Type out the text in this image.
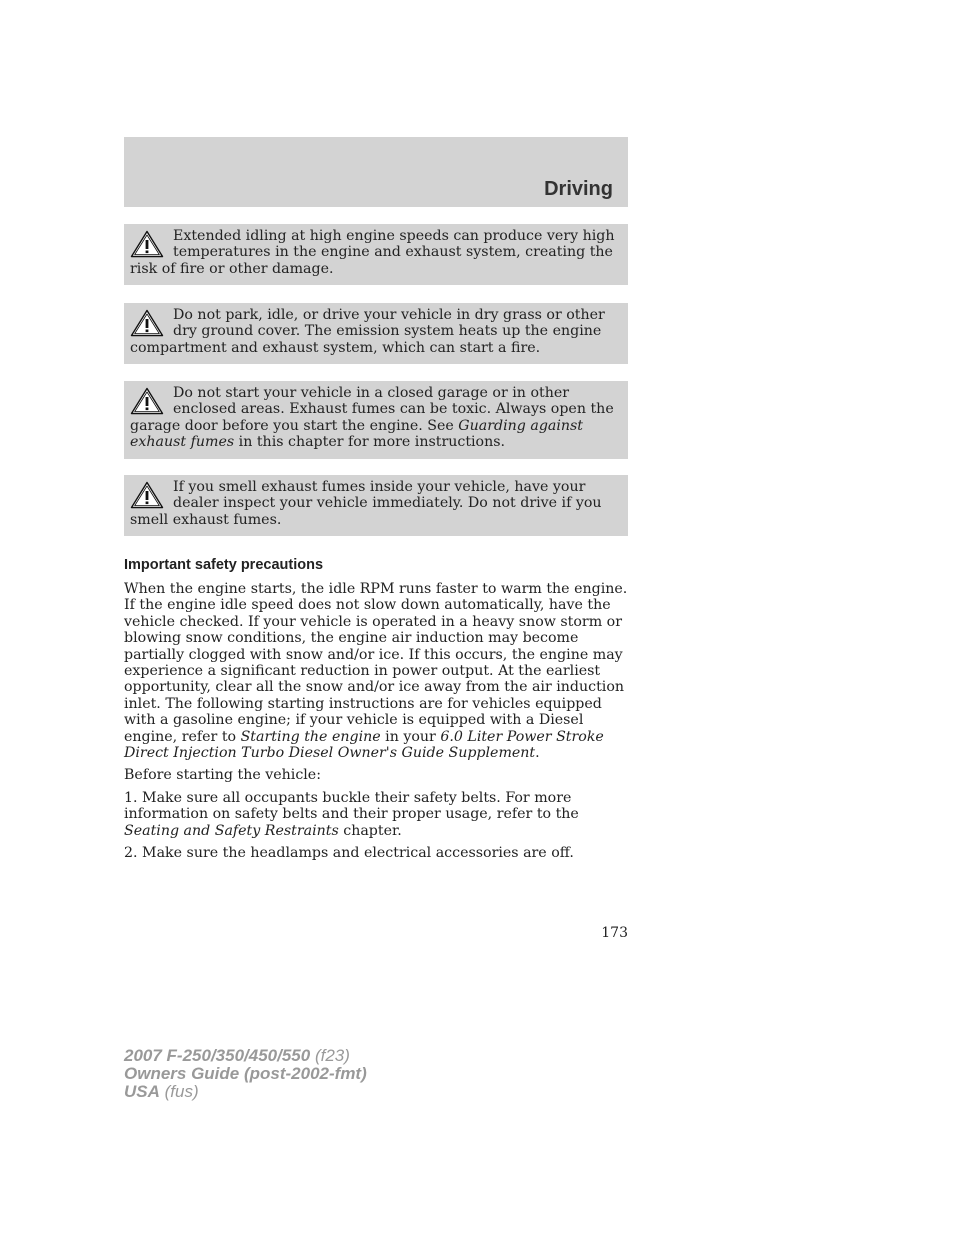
Driving

Extended idling at high engine speeds can produce very high temperatures in the engine and exhaust system, creating the risk of fire or other damage.

Do not park, idle, or drive your vehicle in dry grass or other dry ground cover. The emission system heats up the engine compartment and exhaust system, which can start a fire.

Do not start your vehicle in a closed garage or in other enclosed areas. Exhaust fumes can be toxic. Always open the garage door before you start the engine. See Guarding against exhaust fumes in this chapter for more instructions.

If you smell exhaust fumes inside your vehicle, have your dealer inspect your vehicle immediately. Do not drive if you smell exhaust fumes.

Important safety precautions

When the engine starts, the idle RPM runs faster to warm the engine. If the engine idle speed does not slow down automatically, have the vehicle checked. If your vehicle is operated in a heavy snow storm or blowing snow conditions, the engine air induction may become partially clogged with snow and/or ice. If this occurs, the engine may experience a significant reduction in power output. At the earliest opportunity, clear all the snow and/or ice away from the air induction inlet. The following starting instructions are for vehicles equipped with a gasoline engine; if your vehicle is equipped with a Diesel engine, refer to Starting the engine in your 6.0 Liter Power Stroke Direct Injection Turbo Diesel Owner's Guide Supplement.

Before starting the vehicle:

1. Make sure all occupants buckle their safety belts. For more information on safety belts and their proper usage, refer to the Seating and Safety Restraints chapter.

2. Make sure the headlamps and electrical accessories are off.

173

2007 F-250/350/450/550 (f23)
Owners Guide (post-2002-fmt)
USA (fus)
